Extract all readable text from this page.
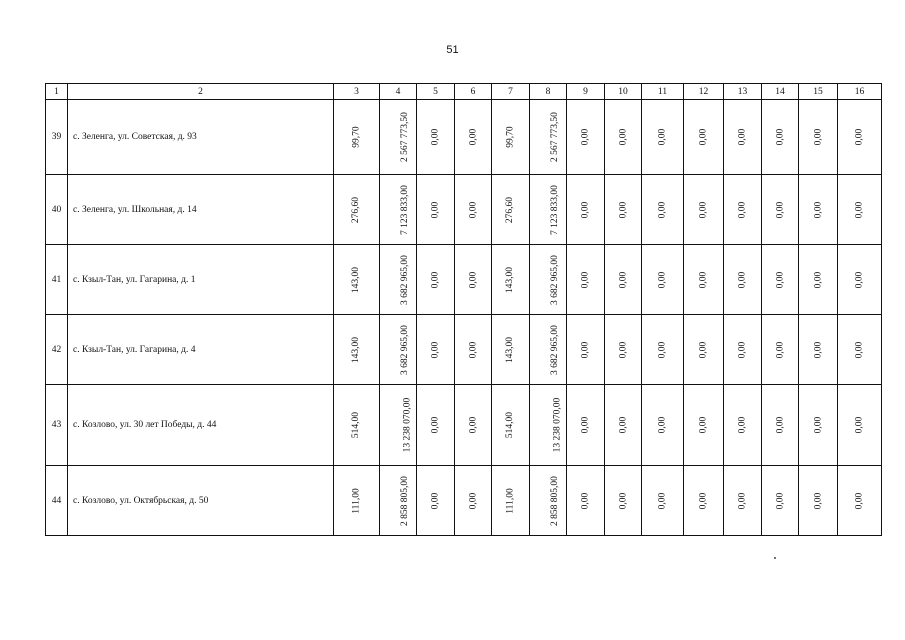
51
1	2	3	4	5	6	7	8	9	10	11	12	13	14	15	16
39	с. Зеленга, ул. Советская, д. 93	99,70	2 567 773,50	0,00	0,00	99,70	2 567 773,50	0,00	0,00	0,00	0,00	0,00	0,00	0,00	0,00
40	с. Зеленга, ул. Школьная, д. 14	276,60	7 123 833,00	0,00	0,00	276,60	7 123 833,00	0,00	0,00	0,00	0,00	0,00	0,00	0,00	0,00
41	с. Кзыл-Тан, ул. Гагарина, д. 1	143,00	3 682 965,00	0,00	0,00	143,00	3 682 965,00	0,00	0,00	0,00	0,00	0,00	0,00	0,00	0,00
42	с. Кзыл-Тан, ул. Гагарина, д. 4	143,00	3 682 965,00	0,00	0,00	143,00	3 682 965,00	0,00	0,00	0,00	0,00	0,00	0,00	0,00	0,00
43	с. Козлово, ул. 30 лет Победы, д. 44	514,00	13 238 070,00	0,00	0,00	514,00	13 238 070,00	0,00	0,00	0,00	0,00	0,00	0,00	0,00	0,00
44	с. Козлово, ул. Октябрьская, д. 50	111,00	2 858 805,00	0,00	0,00	111,00	2 858 805,00	0,00	0,00	0,00	0,00	0,00	0,00	0,00	0,00
